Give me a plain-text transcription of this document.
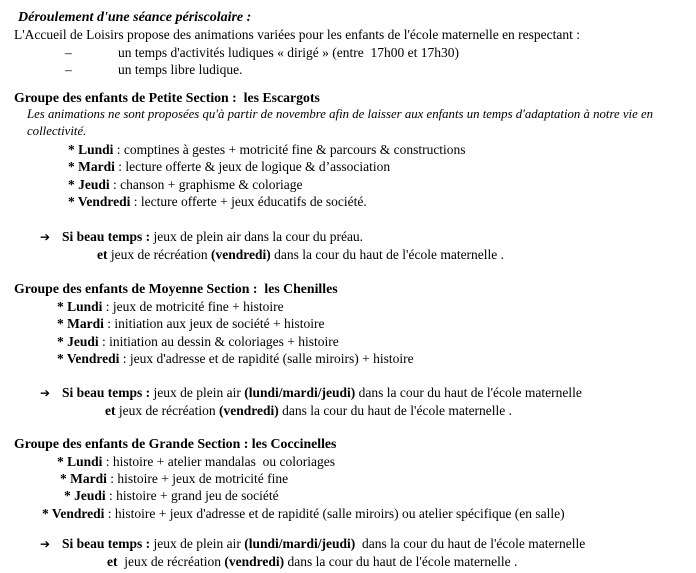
Déroulement d'une séance périscolaire :
L'Accueil de Loisirs propose des animations variées pour les enfants de l'école maternelle en respectant :
–	un temps d'activités ludiques « dirigé » (entre  17h00 et 17h30)
–	un temps libre ludique.
Groupe des enfants de Petite Section :  les Escargots
Les animations ne sont proposées qu'à partir de novembre afin de laisser aux enfants un temps d'adaptation à notre vie en
collectivité.
* Lundi : comptines à gestes + motricité fine & parcours & constructions
* Mardi : lecture offerte & jeux de logique & d’association
* Jeudi : chanson + graphisme & coloriage
* Vendredi : lecture offerte + jeux éducatifs de société.
➔ Si beau temps : jeux de plein air dans la cour du préau.
et jeux de récréation (vendredi) dans la cour du haut de l'école maternelle .
Groupe des enfants de Moyenne Section :  les Chenilles
* Lundi : jeux de motricité fine + histoire
* Mardi : initiation aux jeux de société + histoire
* Jeudi : initiation au dessin & coloriages + histoire
* Vendredi : jeux d'adresse et de rapidité (salle miroirs) + histoire
➔ Si beau temps : jeux de plein air (lundi/mardi/jeudi) dans la cour du haut de l'école maternelle
et jeux de récréation (vendredi) dans la cour du haut de l'école maternelle .
Groupe des enfants de Grande Section : les Coccinelles
* Lundi : histoire + atelier mandalas  ou coloriages
* Mardi : histoire + jeux de motricité fine
* Jeudi : histoire + grand jeu de société
* Vendredi : histoire + jeux d'adresse et de rapidité (salle miroirs) ou atelier spécifique (en salle)
➔ Si beau temps : jeux de plein air (lundi/mardi/jeudi)  dans la cour du haut de l'école maternelle
et  jeux de récréation (vendredi) dans la cour du haut de l'école maternelle .
